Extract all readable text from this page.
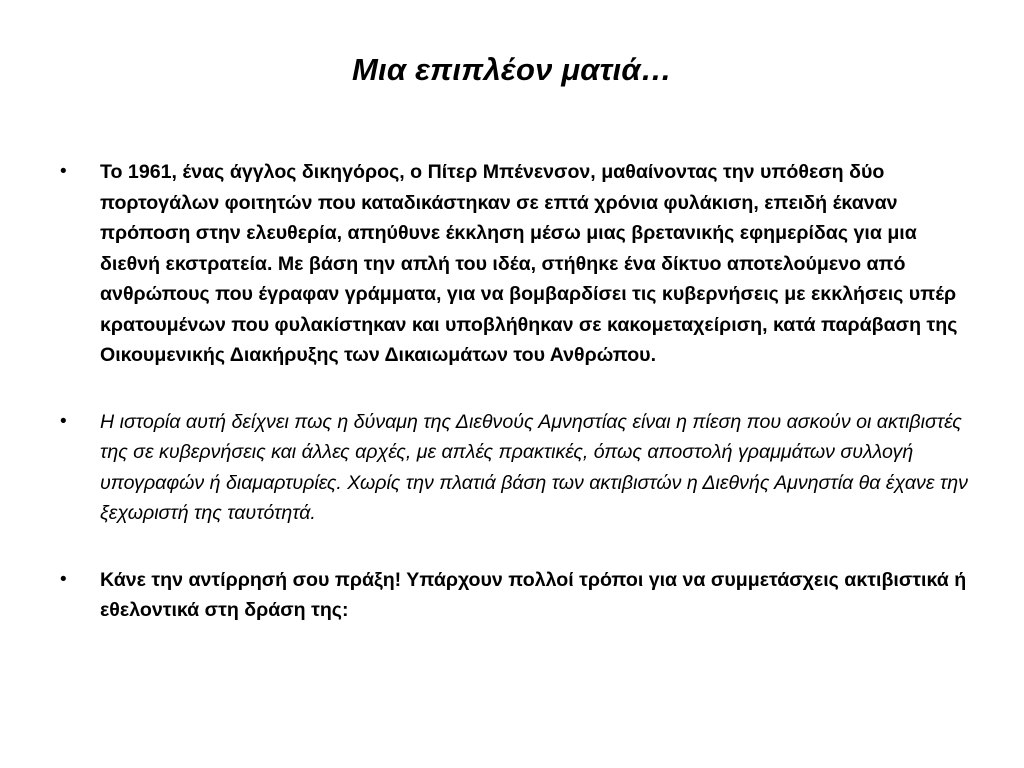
Μια επιπλέον ματιά…
• Το 1961, ένας άγγλος δικηγόρος, ο Πίτερ Μπένενσον, μαθαίνοντας την υπόθεση δύο πορτογάλων φοιτητών που καταδικάστηκαν σε επτά χρόνια φυλάκιση, επειδή έκαναν πρόποση στην ελευθερία, απηύθυνε έκκληση μέσω μιας βρετανικής εφημερίδας για μια διεθνή εκστρατεία. Με βάση την απλή του ιδέα, στήθηκε ένα δίκτυο αποτελούμενο από ανθρώπους που έγραφαν γράμματα, για να βομβαρδίσει τις κυβερνήσεις με εκκλήσεις υπέρ κρατουμένων που φυλακίστηκαν και υποβλήθηκαν σε κακομεταχείριση, κατά παράβαση της Οικουμενικής Διακήρυξης των Δικαιωμάτων του Ανθρώπου.
• Η ιστορία αυτή δείχνει πως η δύναμη της Διεθνούς Αμνηστίας είναι η πίεση που ασκούν οι ακτιβιστές της σε κυβερνήσεις και άλλες αρχές, με απλές πρακτικές, όπως αποστολή γραμμάτων συλλογή υπογραφών ή διαμαρτυρίες. Χωρίς την πλατιά βάση των ακτιβιστών η Διεθνής Αμνηστία θα έχανε την ξεχωριστή της ταυτότητά.
• Κάνε την αντίρρησή σου πράξη! Υπάρχουν πολλοί τρόποι για να συμμετάσχεις ακτιβιστικά ή εθελοντικά στη δράση της:
